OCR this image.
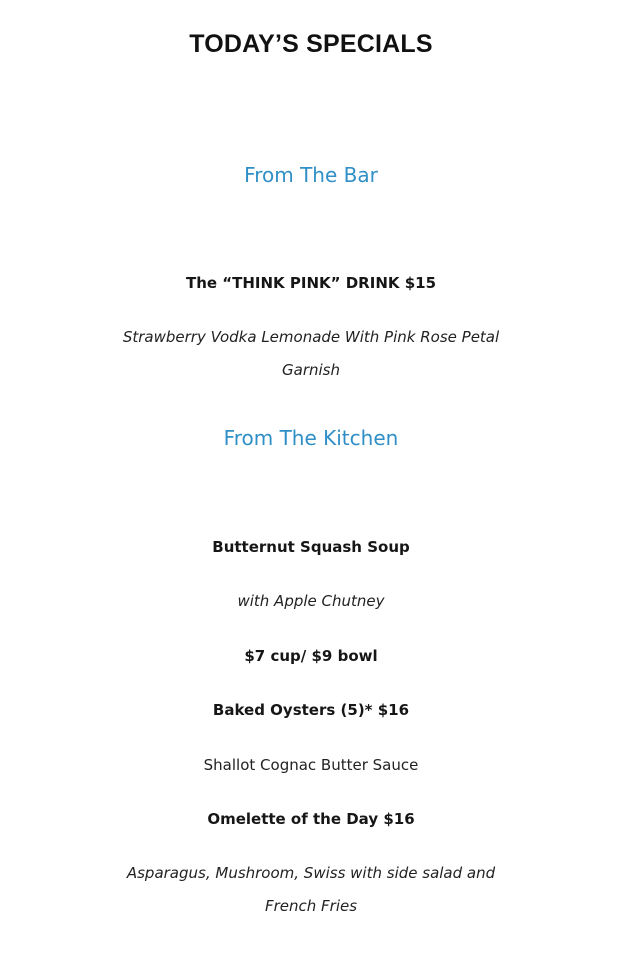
TODAY’S SPECIALS
From The Bar
The “THINK PINK” DRINK $15
Strawberry Vodka Lemonade With Pink Rose Petal
Garnish
From The Kitchen
Butternut Squash Soup
with Apple Chutney
$7 cup/ $9 bowl
Baked Oysters (5)* $16
Shallot Cognac Butter Sauce
Omelette of the Day $16
Asparagus, Mushroom, Swiss with side salad and
French Fries
